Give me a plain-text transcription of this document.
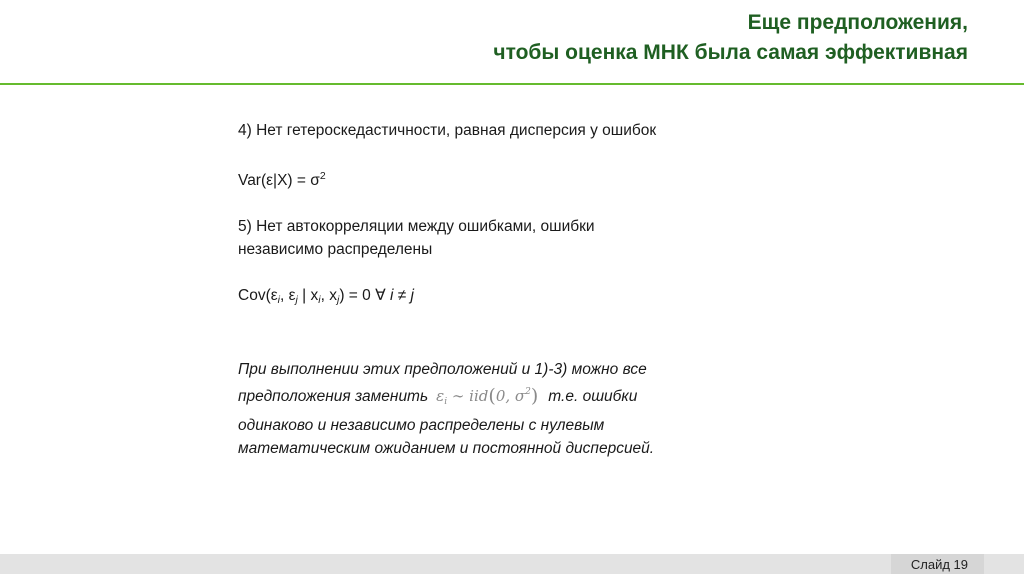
Еще предположения,
чтобы оценка МНК была самая эффективная

4) Нет гетероскедастичности, равная дисперсия у ошибок

$Var(\varepsilon|X) = \sigma^2$

5) Нет автокорреляции между ошибками, ошибки

независимо распределены

$Cov(\varepsilon_i$, $\varepsilon_j$ | $x_i$, $x_j) = 0$ ∀ i ≠ j

При выполнении этих предположений и 1)-3) можно все

предположения заменить $\varepsilon_i$ ∼ iid(0, $\sigma^2$) т.е. ошибки

одинаково и независимо распределены с нулевым

математическим ожиданием и постоянной дисперсией.

Слайд 19
